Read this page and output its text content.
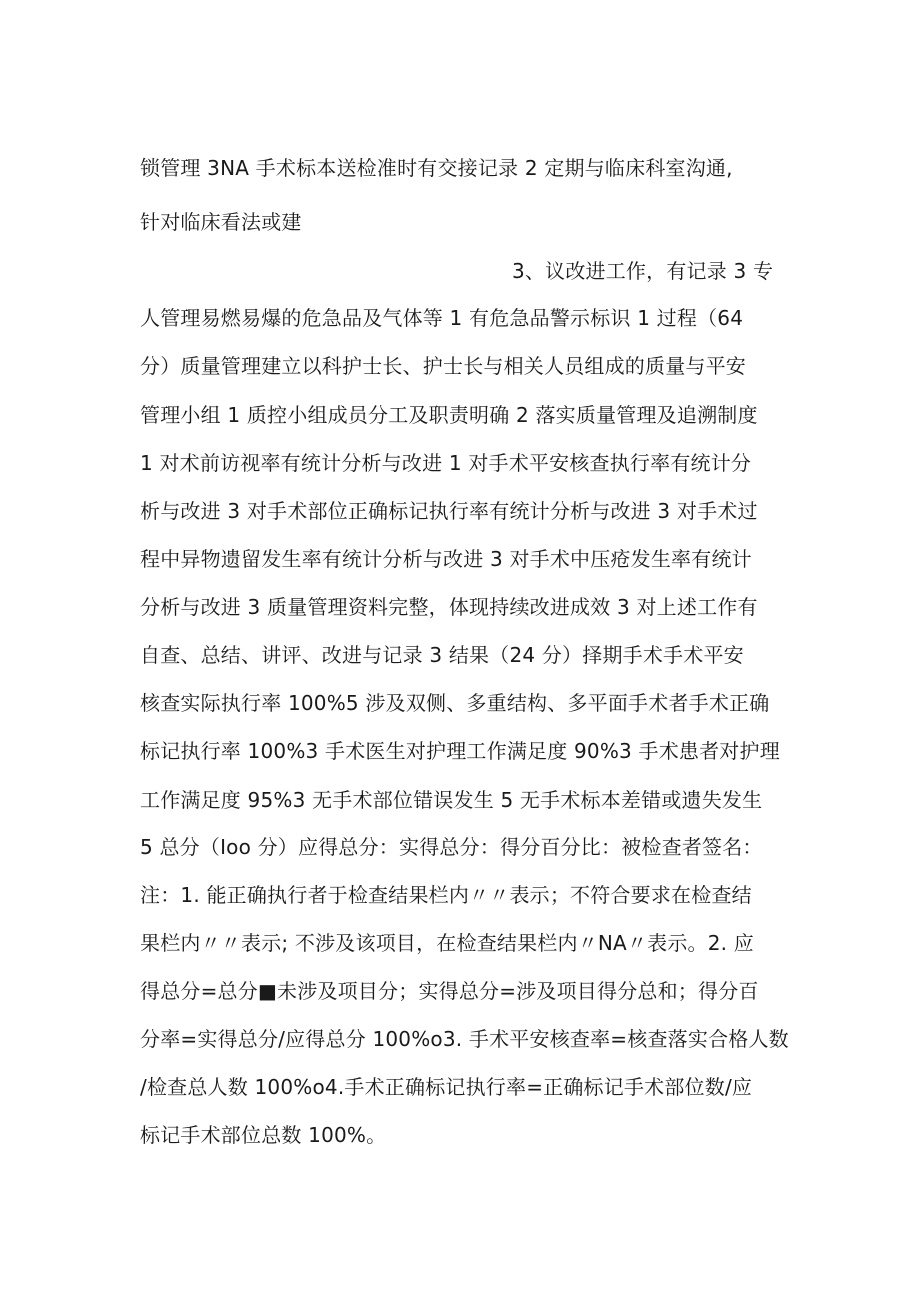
锁管理 3NA 手术标本送检准时有交接记录 2 定期与临床科室沟通,
针对临床看法或建
3、议改进工作，有记录 3 专
人管理易燃易爆的危急品及气体等 1 有危急品警示标识 1 过程（64
分）质量管理建立以科护士长、护士长与相关人员组成的质量与平安
管理小组 1 质控小组成员分工及职责明确 2 落实质量管理及追溯制度
1 对术前访视率有统计分析与改进 1 对手术平安核查执行率有统计分
析与改进 3 对手术部位正确标记执行率有统计分析与改进 3 对手术过
程中异物遗留发生率有统计分析与改进 3 对手术中压疮发生率有统计
分析与改进 3 质量管理资料完整，体现持续改进成效 3 对上述工作有
自查、总结、讲评、改进与记录 3 结果（24 分）择期手术手术平安
核查实际执行率 100%5 涉及双侧、多重结构、多平面手术者手术正确
标记执行率 100%3 手术医生对护理工作满足度 90%3 手术患者对护理
工作满足度 95%3 无手术部位错误发生 5 无手术标本差错或遗失发生
5 总分（Ioo 分）应得总分：实得总分：得分百分比：被检查者签名：
注：1. 能正确执行者于检查结果栏内〃〃表示；不符合要求在检查结
果栏内〃〃表示; 不涉及该项目，在检查结果栏内〃NA〃表示。2. 应
得总分=总分■未涉及项目分；实得总分=涉及项目得分总和；得分百
分率=实得总分/应得总分 100%o3. 手术平安核查率=核查落实合格人数
/检查总人数 100%o4.手术正确标记执行率=正确标记手术部位数/应
标记手术部位总数 100%。
